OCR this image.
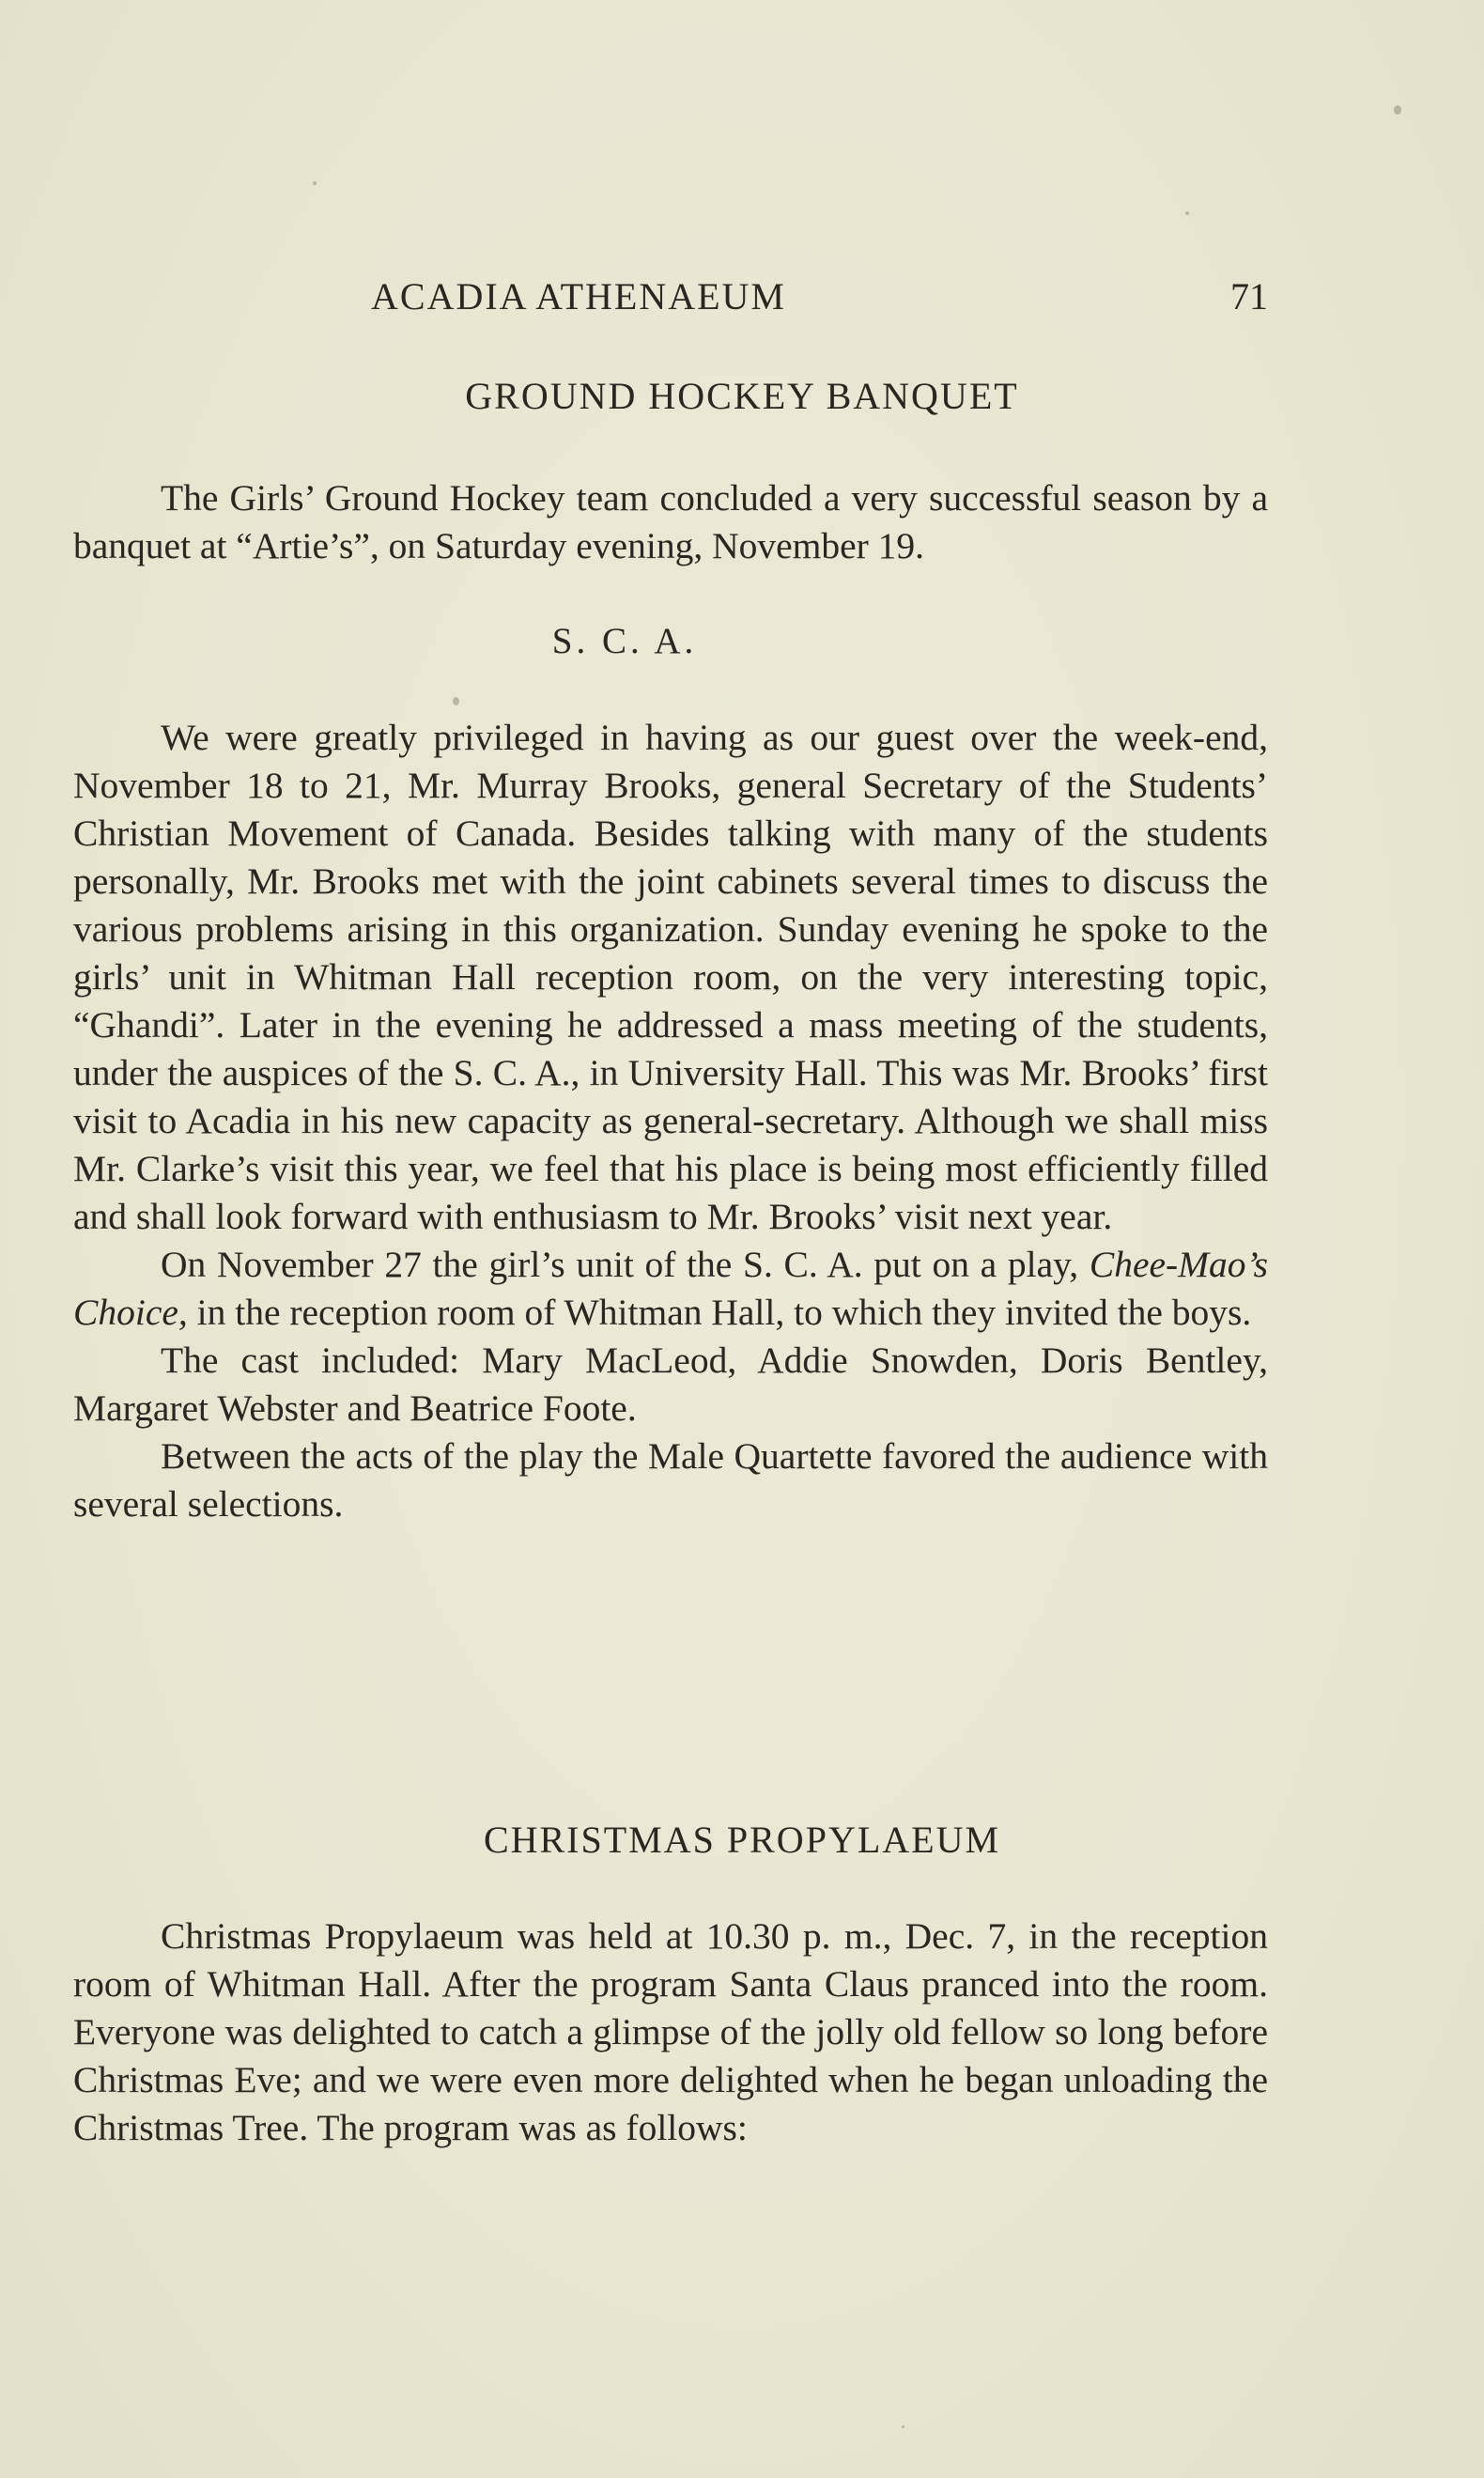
ACADIA ATHENAEUM	71
GROUND HOCKEY BANQUET

The Girls’ Ground Hockey team concluded a very successful season by a banquet at “Artie’s”, on Saturday evening, November 19.

S. C. A.

We were greatly privileged in having as our guest over the week-end, November 18 to 21, Mr. Murray Brooks, general Secretary of the Students’ Christian Movement of Canada. Besides talking with many of the students personally, Mr. Brooks met with the joint cabinets several times to discuss the various problems arising in this organization. Sunday evening he spoke to the girls’ unit in Whitman Hall reception room, on the very interesting topic, “Ghandi”. Later in the evening he addressed a mass meeting of the students, under the auspices of the S. C. A., in University Hall. This was Mr. Brooks’ first visit to Acadia in his new capacity as general-secretary. Although we shall miss Mr. Clarke’s visit this year, we feel that his place is being most efficiently filled and shall look forward with enthusiasm to Mr. Brooks’ visit next year.

On November 27 the girl’s unit of the S. C. A. put on a play, Chee-Mao’s Choice, in the reception room of Whitman Hall, to which they invited the boys.

The cast included: Mary MacLeod, Addie Snowden, Doris Bentley, Margaret Webster and Beatrice Foote.

Between the acts of the play the Male Quartette favored the audience with several selections.

CHRISTMAS PROPYLAEUM

Christmas Propylaeum was held at 10.30 p. m., Dec. 7, in the reception room of Whitman Hall. After the program Santa Claus pranced into the room. Everyone was delighted to catch a glimpse of the jolly old fellow so long before Christmas Eve; and we were even more delighted when he began unloading the Christmas Tree. The program was as follows:
